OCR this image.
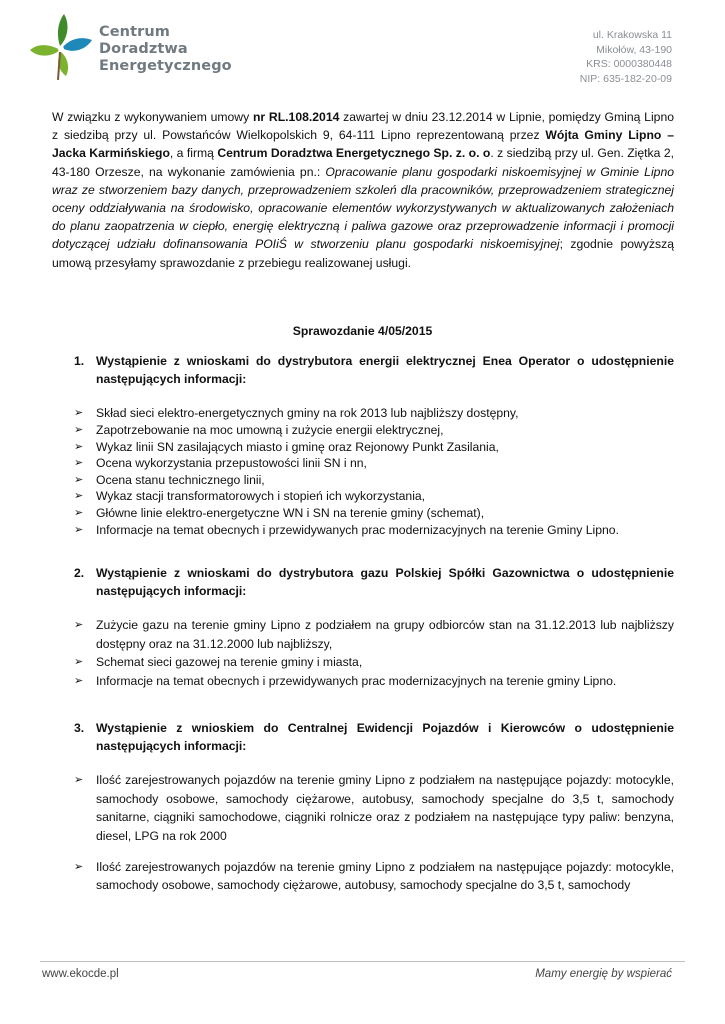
Centrum
Doradztwa
Energetycznego
ul. Krakowska 11
Mikołów, 43-190
KRS: 0000380448
NIP: 635-182-20-09

W związku z wykonywaniem umowy nr RL.108.2014 zawartej w dniu 23.12.2014 w Lipnie, pomiędzy Gminą Lipno z siedzibą przy ul. Powstańców Wielkopolskich 9, 64-111 Lipno reprezentowaną przez Wójta Gminy Lipno – Jacka Karmińskiego, a firmą Centrum Doradztwa Energetycznego Sp. z. o. o. z siedzibą przy ul. Gen. Ziętka 2, 43-180 Orzesze, na wykonanie zamówienia pn.: Opracowanie planu gospodarki niskoemisyjnej w Gminie Lipno wraz ze stworzeniem bazy danych, przeprowadzeniem szkoleń dla pracowników, przeprowadzeniem strategicznej oceny oddziaływania na środowisko, opracowanie elementów wykorzystywanych w aktualizowanych założeniach do planu zaopatrzenia w ciepło, energię elektryczną i paliwa gazowe oraz przeprowadzenie informacji i promocji dotyczącej udziału dofinansowania POIiŚ w stworzeniu planu gospodarki niskoemisyjnej; zgodnie powyższą umową przesyłamy sprawozdanie z przebiegu realizowanej usługi.

Sprawozdanie 4/05/2015
1. Wystąpienie z wnioskami do dystrybutora energii elektrycznej Enea Operator o udostępnienie następujących informacji:
➢ Skład sieci elektro-energetycznych gminy na rok 2013 lub najbliższy dostępny,
➢ Zapotrzebowanie na moc umowną i zużycie energii elektrycznej,
➢ Wykaz linii SN zasilających miasto i gminę oraz Rejonowy Punkt Zasilania,
➢ Ocena wykorzystania przepustowości linii SN i nn,
➢ Ocena stanu technicznego linii,
➢ Wykaz stacji transformatorowych i stopień ich wykorzystania,
➢ Główne linie elektro-energetyczne WN i SN na terenie gminy (schemat),
➢ Informacje na temat obecnych i przewidywanych prac modernizacyjnych na terenie Gminy Lipno.
2. Wystąpienie z wnioskami do dystrybutora gazu Polskiej Spółki Gazownictwa o udostępnienie następujących informacji:
➢ Zużycie gazu na terenie gminy Lipno z podziałem na grupy odbiorców stan na 31.12.2013 lub najbliższy dostępny oraz na 31.12.2000 lub najbliższy,
➢ Schemat sieci gazowej na terenie gminy i miasta,
➢ Informacje na temat obecnych i przewidywanych prac modernizacyjnych na terenie gminy Lipno.
3. Wystąpienie z wnioskiem do Centralnej Ewidencji Pojazdów i Kierowców o udostępnienie następujących informacji:
➢ Ilość zarejestrowanych pojazdów na terenie gminy Lipno z podziałem na następujące pojazdy: motocykle, samochody osobowe, samochody ciężarowe, autobusy, samochody specjalne do 3,5 t, samochody sanitarne, ciągniki samochodowe, ciągniki rolnicze oraz z podziałem na następujące typy paliw: benzyna, diesel, LPG na rok 2000
➢ Ilość zarejestrowanych pojazdów na terenie gminy Lipno z podziałem na następujące pojazdy: motocykle, samochody osobowe, samochody ciężarowe, autobusy, samochody specjalne do 3,5 t, samochody
www.ekocde.pl	Mamy energię by wspierać
